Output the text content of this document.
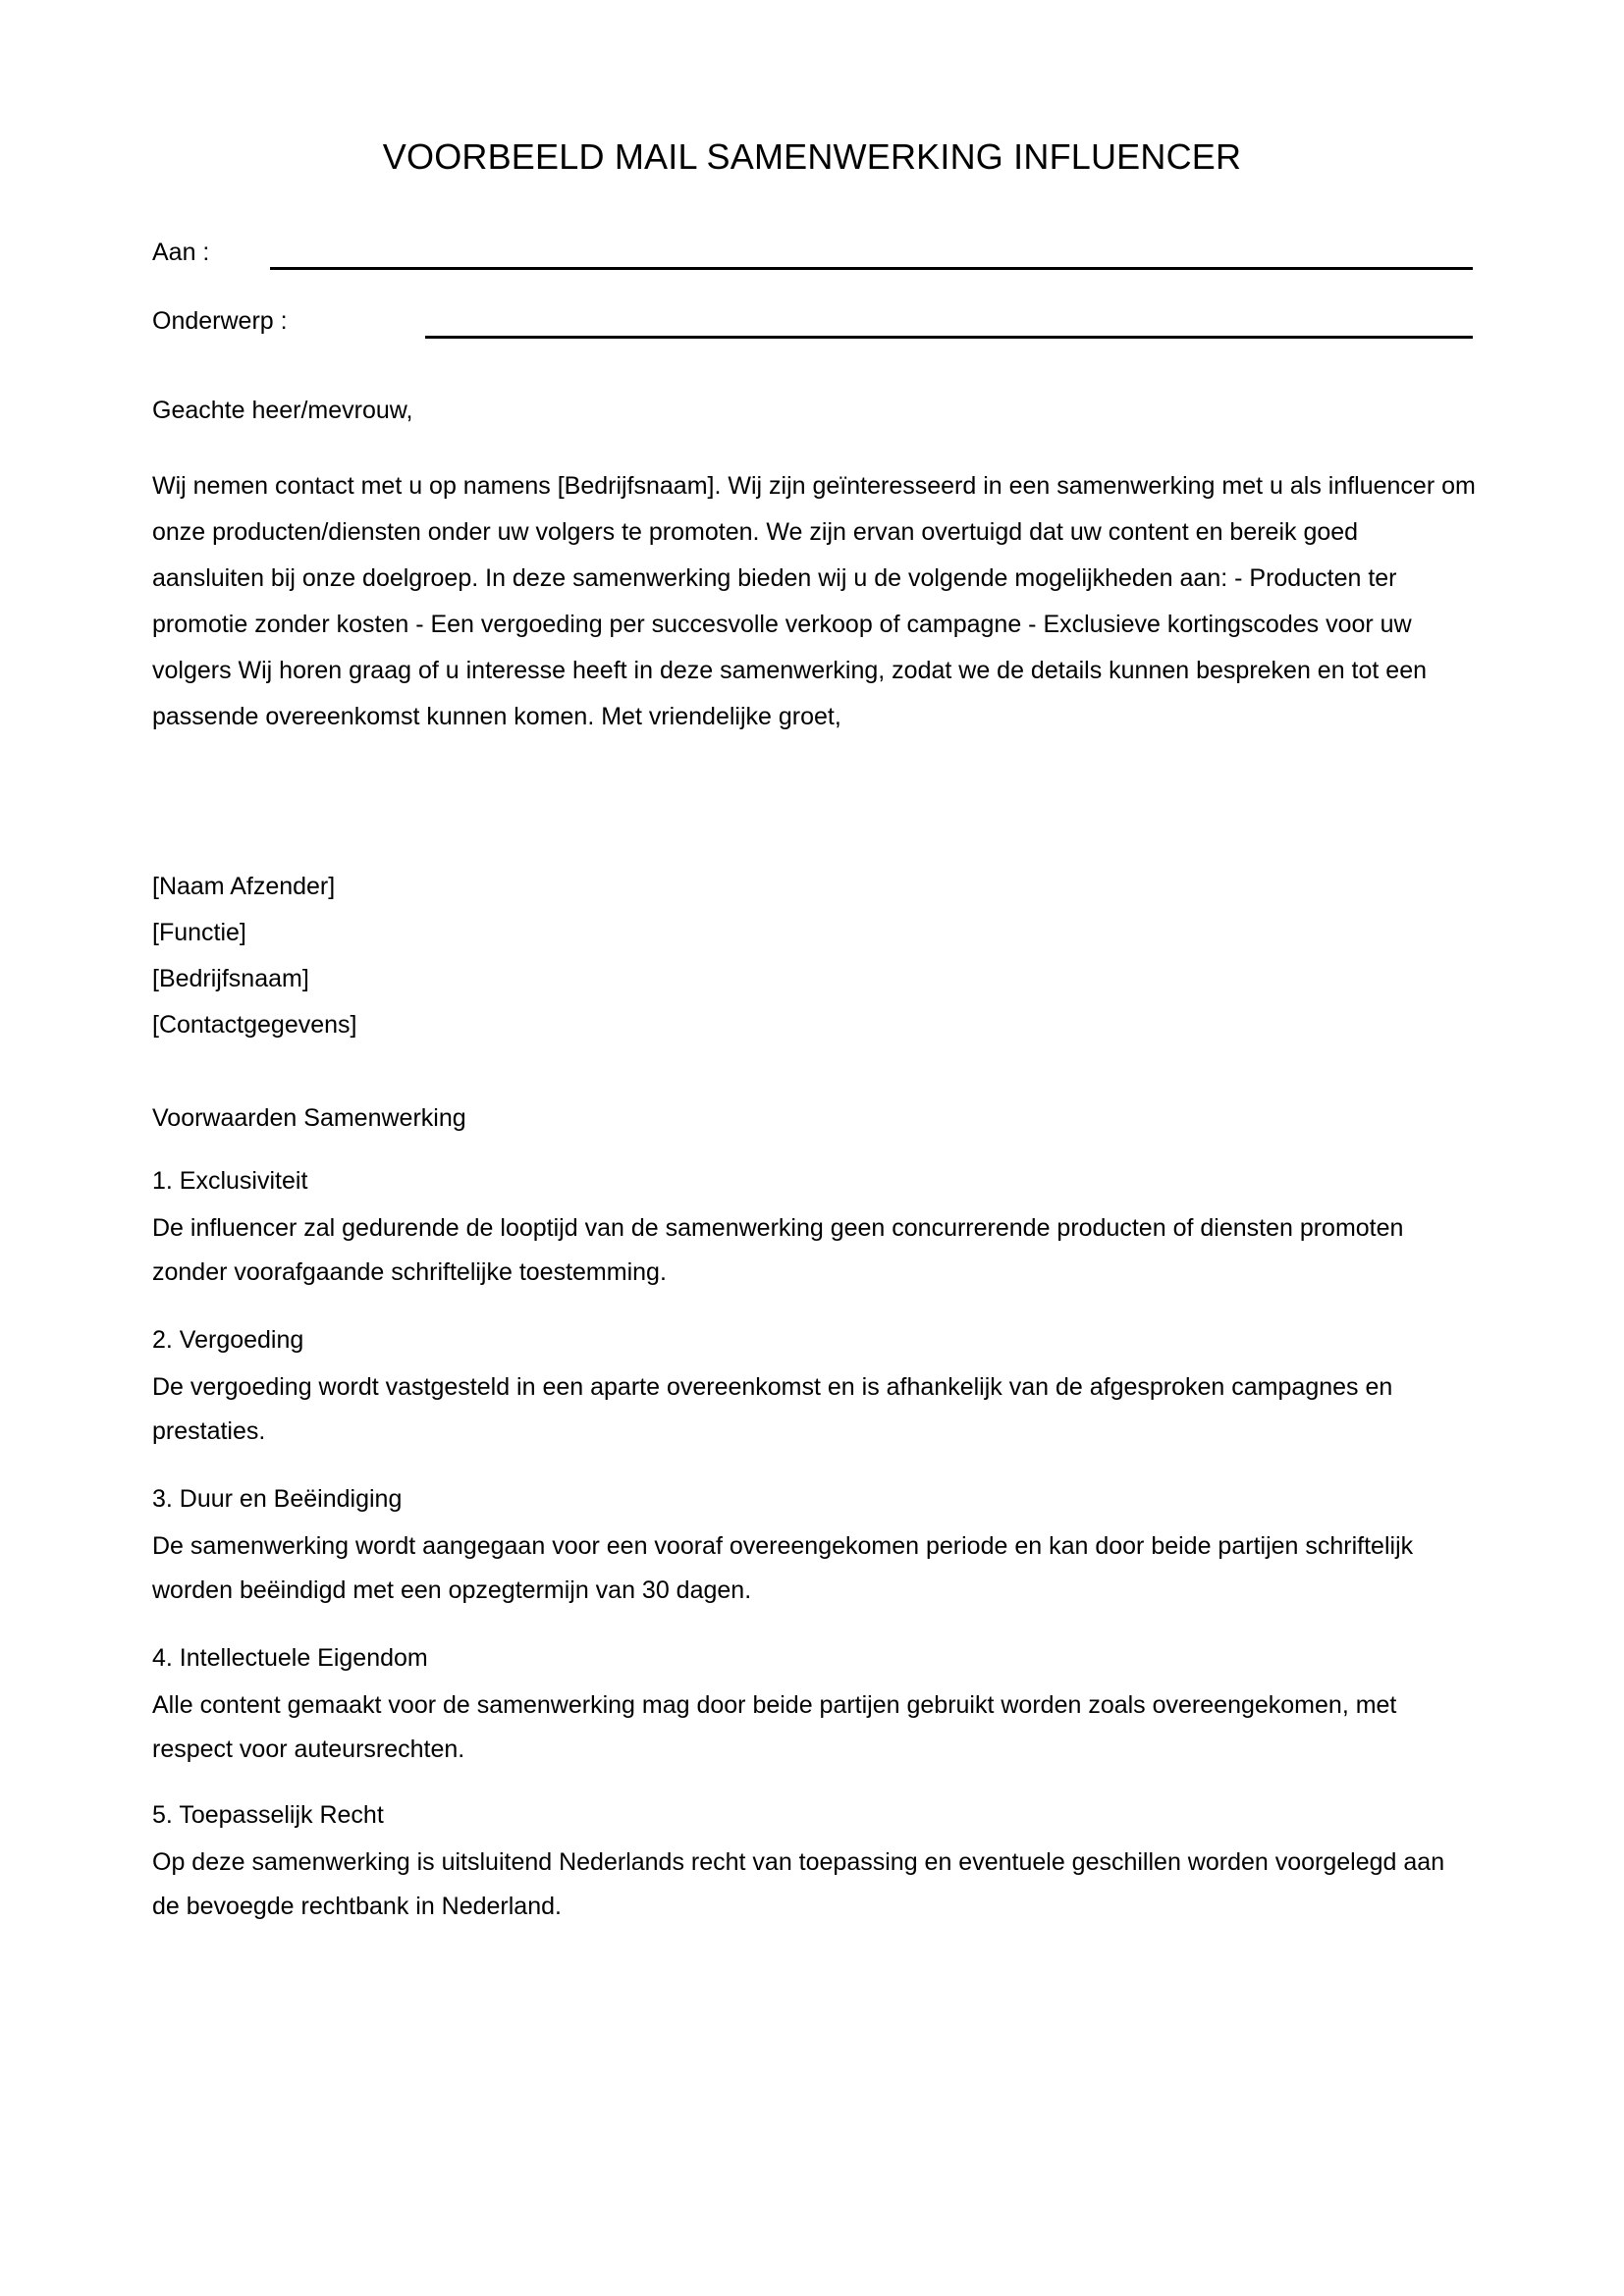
VOORBEELD MAIL SAMENWERKING INFLUENCER
Aan :
Onderwerp :
Geachte heer/mevrouw,
Wij nemen contact met u op namens [Bedrijfsnaam]. Wij zijn geïnteresseerd in een samenwerking met u als influencer om onze producten/diensten onder uw volgers te promoten. We zijn ervan overtuigd dat uw content en bereik goed aansluiten bij onze doelgroep. In deze samenwerking bieden wij u de volgende mogelijkheden aan: - Producten ter promotie zonder kosten - Een vergoeding per succesvolle verkoop of campagne - Exclusieve kortingscodes voor uw volgers Wij horen graag of u interesse heeft in deze samenwerking, zodat we de details kunnen bespreken en tot een passende overeenkomst kunnen komen. Met vriendelijke groet,
[Naam Afzender]
[Functie]
[Bedrijfsnaam]
[Contactgegevens]
Voorwaarden Samenwerking
1. Exclusiviteit
De influencer zal gedurende de looptijd van de samenwerking geen concurrerende producten of diensten promoten zonder voorafgaande schriftelijke toestemming.
2. Vergoeding
De vergoeding wordt vastgesteld in een aparte overeenkomst en is afhankelijk van de afgesproken campagnes en prestaties.
3. Duur en Beëindiging
De samenwerking wordt aangegaan voor een vooraf overeengekomen periode en kan door beide partijen schriftelijk worden beëindigd met een opzegtermijn van 30 dagen.
4. Intellectuele Eigendom
Alle content gemaakt voor de samenwerking mag door beide partijen gebruikt worden zoals overeengekomen, met respect voor auteursrechten.
5. Toepasselijk Recht
Op deze samenwerking is uitsluitend Nederlands recht van toepassing en eventuele geschillen worden voorgelegd aan de bevoegde rechtbank in Nederland.
